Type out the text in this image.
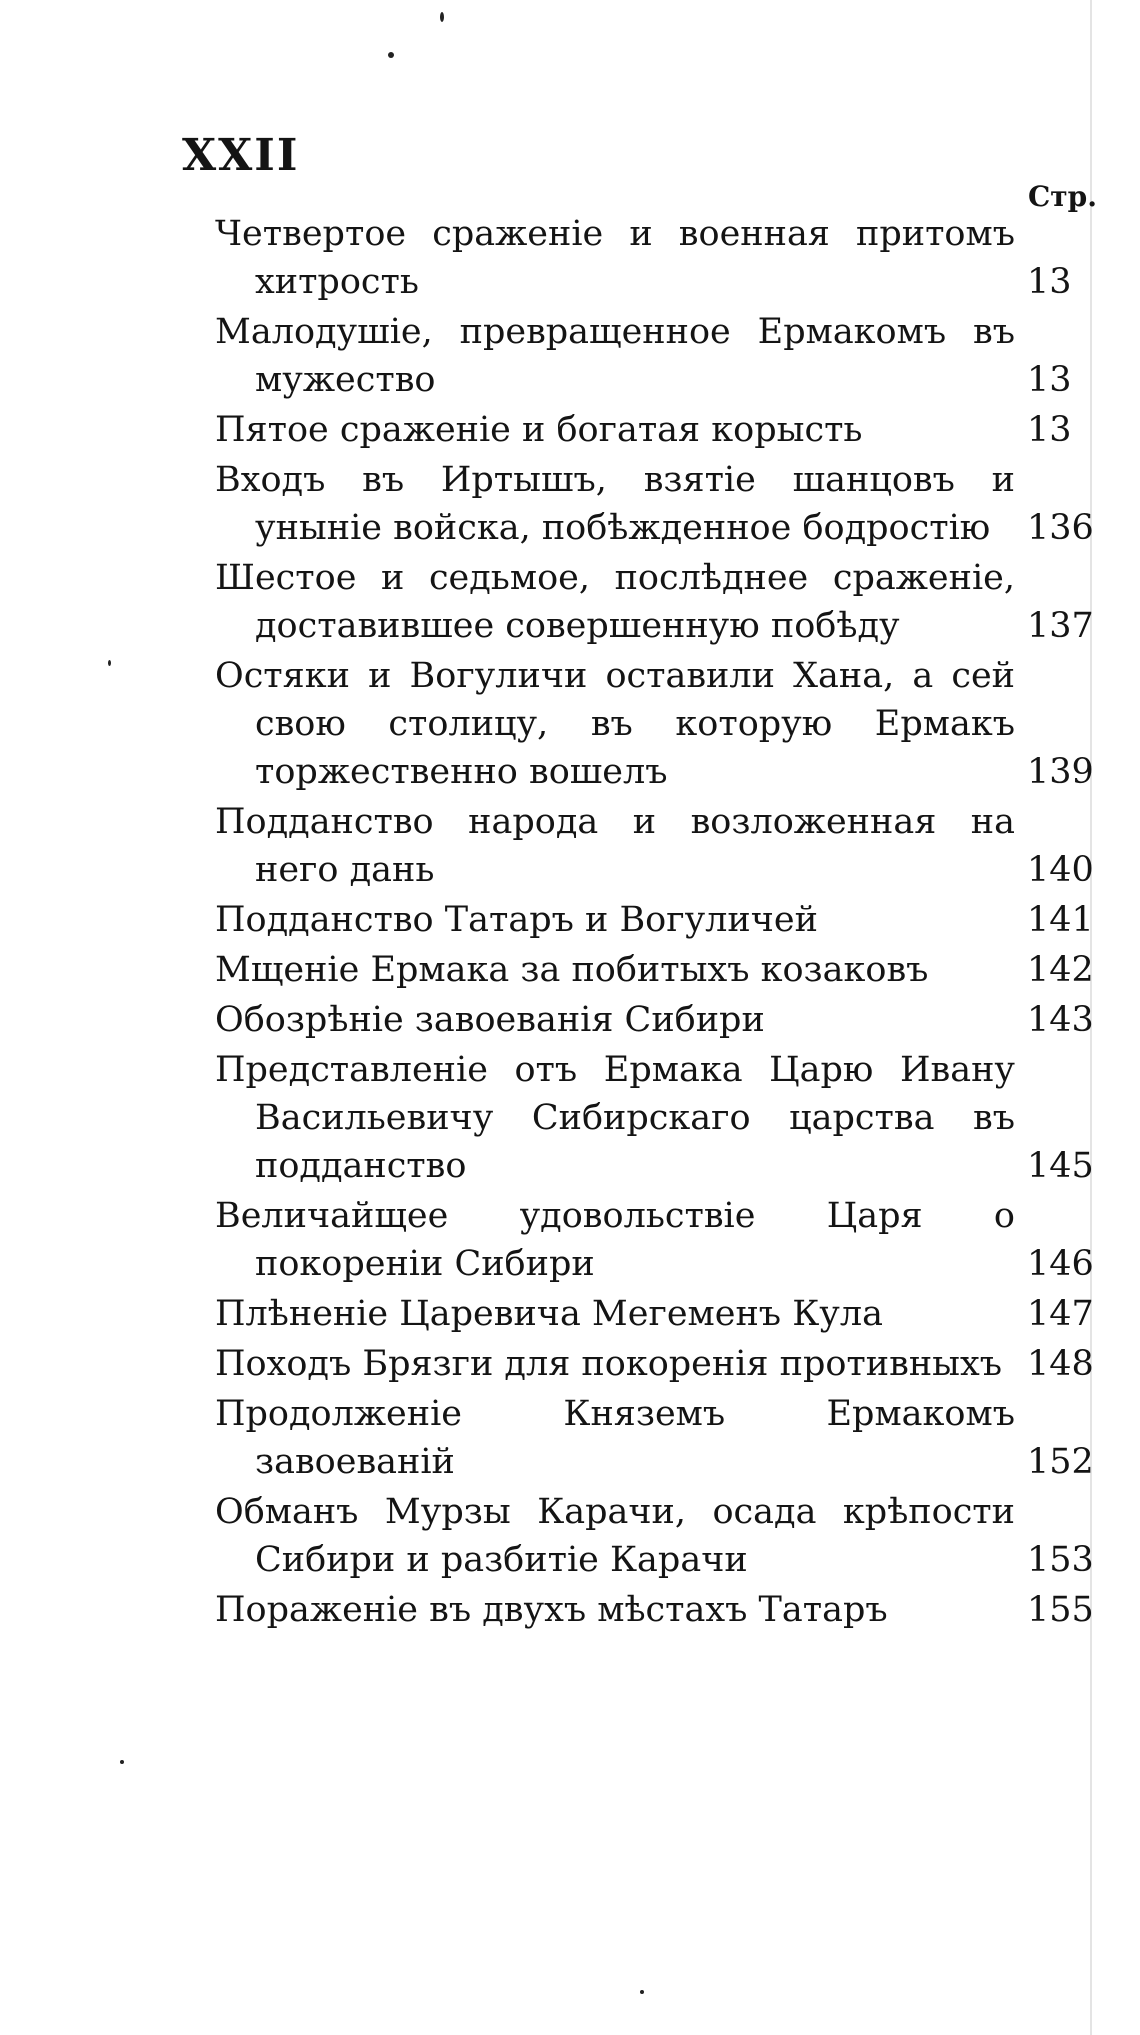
XXII
Стр.
Четвертое сраженіе и военная притомъ хитрость	13
Малодушіе, превращенное Ермакомъ въ мужество	13
Пятое сраженіе и богатая корысть	13
Входъ въ Иртышъ, взятіе шанцовъ и уныніе войска, побѣжденное бодростію	136
Шестое и седьмое, послѣднее сраженіе, доставившее совершенную побѣду	137
Остяки и Вогуличи оставили Хана, а сей свою столицу, въ которую Ермакъ торжественно вошелъ	139
Подданство народа и возложенная на него дань	140
Подданство Татаръ и Вогуличей	141
Мщеніе Ермака за побитыхъ козаковъ	142
Обозрѣніе завоеванія Сибири	143
Представленіе отъ Ермака Царю Ивану Васильевичу Сибирскаго царства въ подданство	145
Величайщее удовольствіе Царя о покореніи Сибири	146
Плѣненіе Царевича Мегеменъ Кула	147
Походъ Брязги для покоренія противныхъ 148
Продолженіе Княземъ Ермакомъ завоеваній	152
Обманъ Мурзы Карачи, осада крѣпости Сибири и разбитіе Карачи	153
Пораженіе въ двухъ мѣстахъ Татаръ	155
